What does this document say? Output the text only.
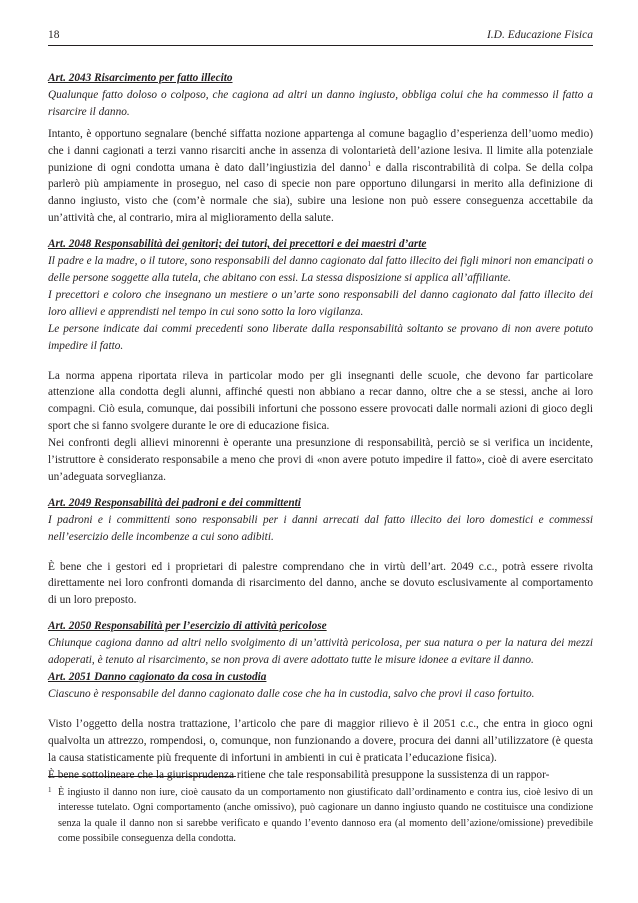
18	I.D. Educazione Fisica

Art. 2043 Risarcimento per fatto illecito

Qualunque fatto doloso o colposo, che cagiona ad altri un danno ingiusto, obbliga colui che ha commesso il fatto a risarcire il danno.

Intanto, è opportuno segnalare (benché siffatta nozione appartenga al comune bagaglio d’esperienza dell’uomo medio) che i danni cagionati a terzi vanno risarciti anche in assenza di volontarietà dell’azione lesiva. Il limite alla potenziale punizione di ogni condotta umana è dato dall’ingiustizia del danno$^1$ e dalla riscontrabilità di colpa. Se della colpa parlerò più ampiamente in proseguo, nel caso di specie non pare opportuno dilungarsi in merito alla definizione di danno ingiusto, visto che (com’è normale che sia), subire una lesione non può essere conseguenza accettabile da un’attività che, al contrario, mira al miglioramento della salute.

Art. 2048 Responsabilità dei genitori; dei tutori, dei precettori e dei maestri d’arte

Il padre e la madre, o il tutore, sono responsabili del danno cagionato dal fatto illecito dei figli minori non emancipati o delle persone soggette alla tutela, che abitano con essi. La stessa disposizione si applica all’affiliante.

I precettori e coloro che insegnano un mestiere o un’arte sono responsabili del danno cagionato dal fatto illecito dei loro allievi e apprendisti nel tempo in cui sono sotto la loro vigilanza.

Le persone indicate dai commi precedenti sono liberate dalla responsabilità soltanto se provano di non avere potuto impedire il fatto.

La norma appena riportata rileva in particolar modo per gli insegnanti delle scuole, che devono far particolare attenzione alla condotta degli alunni, affinché questi non abbiano a recar danno, oltre che a se stessi, anche ai loro compagni. Ciò esula, comunque, dai possibili infortuni che possono essere provocati dalle normali azioni di gioco degli sport che si fanno svolgere durante le ore di educazione fisica.

Nei confronti degli allievi minorenni è operante una presunzione di responsabilità, perciò se si verifica un incidente, l’istruttore è considerato responsabile a meno che provi di «non avere potuto impedire il fatto», cioè di avere esercitato un’adeguata sorveglianza.

Art. 2049 Responsabilità dei padroni e dei committenti

I padroni e i committenti sono responsabili per i danni arrecati dal fatto illecito dei loro domestici e commessi nell’esercizio delle incombenze a cui sono adibiti.

È bene che i gestori ed i proprietari di palestre comprendano che in virtù dell’art. 2049 c.c., potrà essere rivolta direttamente nei loro confronti domanda di risarcimento del danno, anche se dovuto esclusivamente al comportamento di un loro preposto.

Art. 2050 Responsabilità per l’esercizio di attività pericolose

Chiunque cagiona danno ad altri nello svolgimento di un’attività pericolosa, per sua natura o per la natura dei mezzi adoperati, è tenuto al risarcimento, se non prova di avere adottato tutte le misure idonee a evitare il danno.

Art. 2051 Danno cagionato da cosa in custodia

Ciascuno è responsabile del danno cagionato dalle cose che ha in custodia, salvo che provi il caso fortuito.

Visto l’oggetto della nostra trattazione, l’articolo che pare di maggior rilievo è il 2051 c.c., che entra in gioco ogni qualvolta un attrezzo, rompendosi, o, comunque, non funzionando a dovere, procura dei danni all’utilizzatore (è questa la causa statisticamente più frequente di infortuni in ambienti in cui è praticata l’educazione fisica).

È bene sottolineare che la giurisprudenza ritiene che tale responsabilità presuppone la sussistenza di un rappor-

1 È ingiusto il danno non iure, cioè causato da un comportamento non giustificato dall’ordinamento e contra ius, cioè lesivo di un interesse tutelato. Ogni comportamento (anche omissivo), può cagionare un danno ingiusto quando ne costituisce una condizione senza la quale il danno non si sarebbe verificato e quando l’evento dannoso era (al momento dell’azione/omissione) prevedibile come possibile conseguenza della condotta.
